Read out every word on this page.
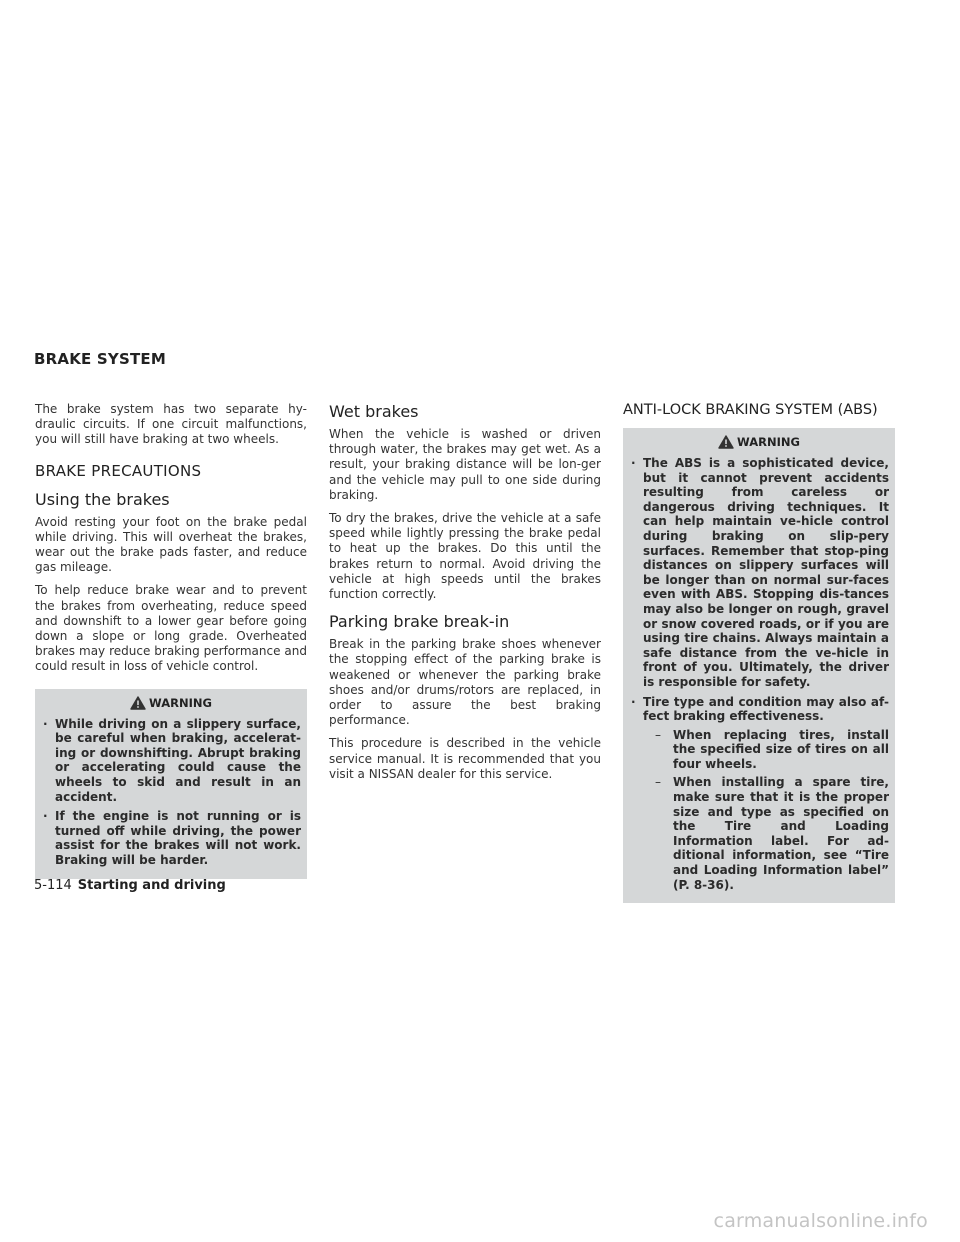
BRAKE SYSTEM

The brake system has two separate hy-draulic circuits. If one circuit malfunctions, you will still have braking at two wheels.

BRAKE PRECAUTIONS
Using the brakes

Avoid resting your foot on the brake pedal while driving. This will overheat the brakes, wear out the brake pads faster, and reduce gas mileage.

To help reduce brake wear and to prevent the brakes from overheating, reduce speed and downshift to a lower gear before going down a slope or long grade. Overheated brakes may reduce braking performance and could result in loss of vehicle control.

WARNING
· While driving on a slippery surface, be careful when braking, accelerat-ing or downshifting. Abrupt braking or accelerating could cause the wheels to skid and result in an accident.
· If the engine is not running or is turned off while driving, the power assist for the brakes will not work. Braking will be harder.
Wet brakes

When the vehicle is washed or driven through water, the brakes may get wet. As a result, your braking distance will be lon-ger and the vehicle may pull to one side during braking.

To dry the brakes, drive the vehicle at a safe speed while lightly pressing the brake pedal to heat up the brakes. Do this until the brakes return to normal. Avoid driving the vehicle at high speeds until the brakes function correctly.

Parking brake break-in

Break in the parking brake shoes whenever the stopping effect of the parking brake is weakened or whenever the parking brake shoes and/or drums/rotors are replaced, in order to assure the best braking performance.

This procedure is described in the vehicle service manual. It is recommended that you visit a NISSAN dealer for this service.

ANTI-LOCK BRAKING SYSTEM (ABS)
WARNING
· The ABS is a sophisticated device, but it cannot prevent accidents resulting from careless or dangerous driving techniques. It can help maintain ve-hicle control during braking on slip-pery surfaces. Remember that stop-ping distances on slippery surfaces will be longer than on normal sur-faces even with ABS. Stopping dis-tances may also be longer on rough, gravel or snow covered roads, or if you are using tire chains. Always maintain a safe distance from the ve-hicle in front of you. Ultimately, the driver is responsible for safety.
· Tire type and condition may also af-fect braking effectiveness.
– When replacing tires, install the specified size of tires on all four wheels.
– When installing a spare tire, make sure that it is the proper size and type as specified on the Tire and Loading Information label. For ad-ditional information, see “Tire and Loading Information label” (P. 8-36).
5-114 Starting and driving
carmanualsonline.info
